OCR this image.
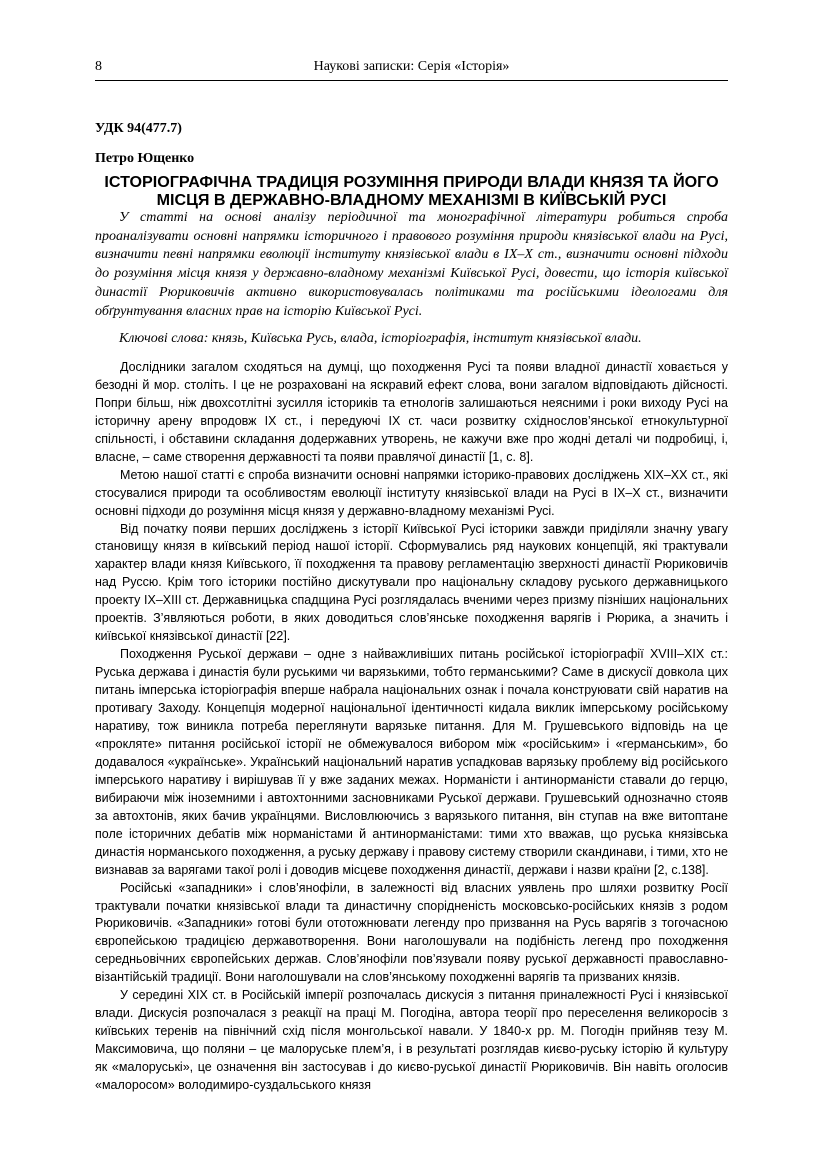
8	Наукові записки: Серія «Історія»

УДК 94(477.7)

Петро Ющенко

ІСТОРІОГРАФІЧНА ТРАДИЦІЯ РОЗУМІННЯ ПРИРОДИ ВЛАДИ КНЯЗЯ ТА ЙОГО МІСЦЯ В ДЕРЖАВНО-ВЛАДНОМУ МЕХАНІЗМІ В КИЇВСЬКІЙ РУСІ

У статті на основі аналізу періодичної та монографічної літератури робиться спроба проаналізувати основні напрямки історичного і правового розуміння природи князівської влади на Русі, визначити певні напрямки еволюції інституту князівської влади в IX–X ст., визначити основні підходи до розуміння місця князя у державно-владному механізмі Київської Русі, довести, що історія київської династії Рюриковичів активно використовувалась політиками та російськими ідеологами для обґрунтування власних прав на історію Київської Русі.

Ключові слова: князь, Київська Русь, влада, історіографія, інститут князівської влади.

Дослідники загалом сходяться на думці, що походження Русі та появи владної династії ховається у безодні й мор. століть. І це не розраховані на яскравий ефект слова, вони загалом відповідають дійсності. Попри більш, ніж двохсотлітні зусилля істориків та етнологів залишаються неясними і роки виходу Русі на історичну арену впродовж IX ст., і передуючі IX ст. часи розвитку східнослов’янської етнокультурної спільності, і обставини складання додержавних утворень, не кажучи вже про жодні деталі чи подробиці, і, власне, – саме створення державності та появи правлячої династії [1, с. 8].

Метою нашої статті є спроба визначити основні напрямки історико-правових досліджень XIX–XX ст., які стосувалися природи та особливостям еволюції інституту князівської влади на Русі в IX–X ст., визначити основні підходи до розуміння місця князя у державно-владному механізмі Русі.

Від початку появи перших досліджень з історії Київської Русі історики завжди приділяли значну увагу становищу князя в київський період нашої історії. Сформувались ряд наукових концепцій, які трактували характер влади князя Київського, її походження та правову регламентацію зверхності династії Рюриковичів над Руссю. Крім того історики постійно дискутували про національну складову руського державницького проекту IX–XIII ст. Державницька спадщина Русі розглядалась вченими через призму пізніших національних проектів. З’являються роботи, в яких доводиться слов’янське походження варягів і Рюрика, а значить і київської князівської династії [22].

Походження Руської держави – одне з найважливіших питань російської історіографії XVIII–XIX ст.: Руська держава і династія були руськими чи варязькими, тобто германськими? Саме в дискусії довкола цих питань імперська історіографія вперше набрала національних ознак і почала конструювати свій наратив на противагу Заходу. Концепція модерної національної ідентичності кидала виклик імперському російському наративу, тож виникла потреба переглянути варязьке питання. Для М. Грушевського відповідь на це «прокляте» питання російської історії не обмежувалося вибором між «російським» і «германським», бо додавалося «українське». Український національний наратив успадковав варязьку проблему від російського імперського наративу і вирішував її у вже заданих межах. Норманісти і антинорманісти ставали до герцю, вибираючи між іноземними і автохтонними засновниками Руської держави. Грушевський однозначно стояв за автохтонів, яких бачив українцями. Висловлюючись з варязького питання, він ступав на вже витоптане поле історичних дебатів між норманістами й антинорманістами: тими хто вважав, що руська князівська династія норманського походження, а руську державу і правову систему створили скандинави, і тими, хто не визнавав за варягами такої ролі і доводив місцеве походження династії, держави і назви країни [2, с.138].

Російські «западники» і слов’янофіли, в залежності від власних уявлень про шляхи розвитку Росії трактували початки князівської влади та династичну спорідненість московсько-російських князів з родом Рюриковичів. «Западники» готові були ототожнювати легенду про призвання на Русь варягів з тогочасною європейською традицією державотворення. Вони наголошували на подібність легенд про походження середньовічних європейських держав. Слов’янофіли пов’язували появу руської державності православно-візантійській традиції. Вони наголошували на слов’янському походженні варягів та призваних князів.

У середині XIX ст. в Російській імперії розпочалась дискусія з питання приналежності Русі і князівської влади. Дискусія розпочалася з реакції на праці М. Погодіна, автора теорії про переселення великоросів з київських теренів на північний схід після монгольської навали. У 1840-х рр. М. Погодін прийняв тезу М. Максимовича, що поляни – це малоруське плем’я, і в результаті розглядав києво-руську історію й культуру як «малоруські», це означення він застосував і до києво-руської династії Рюриковичів. Він навіть оголосив «малоросом» володимиро-суздальського князя
